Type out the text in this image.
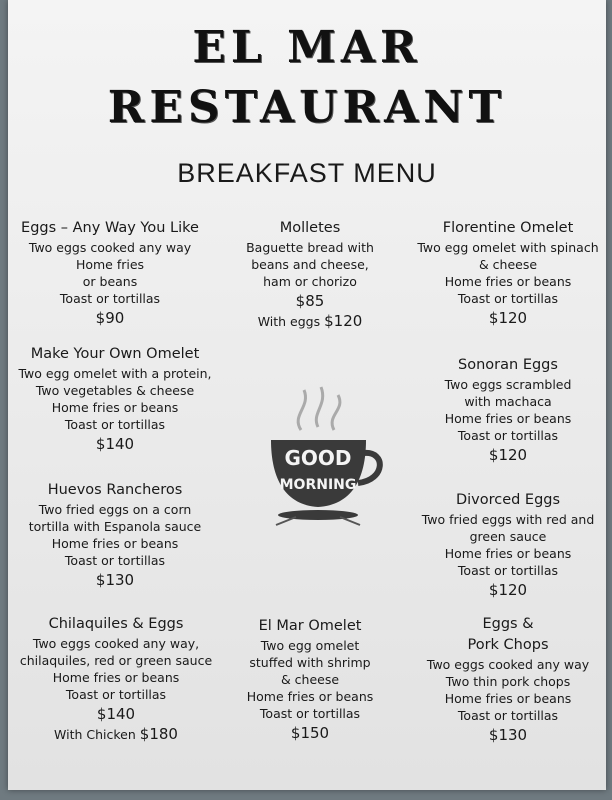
EL MAR
RESTAURANT
BREAKFAST MENU
Eggs – Any Way You Like
Two eggs cooked any way
Home fries
or beans
Toast or tortillas
$90
Molletes
Baguette bread with
beans and cheese,
ham or chorizo
$85
With eggs $120
Florentine Omelet
Two egg omelet with spinach
& cheese
Home fries or beans
Toast or tortillas
$120
Make Your Own Omelet
Two egg omelet with a protein,
Two vegetables & cheese
Home fries or beans
Toast or tortillas
$140
Sonoran Eggs
Two eggs scrambled
with machaca
Home fries or beans
Toast or tortillas
$120
GOOD
MORNING
Huevos Rancheros
Two fried eggs on a corn
tortilla with Espanola sauce
Home fries or beans
Toast or tortillas
$130
Divorced Eggs
Two fried eggs with red and
green sauce
Home fries or beans
Toast or tortillas
$120
Chilaquiles & Eggs
Two eggs cooked any way,
chilaquiles, red or green sauce
Home fries or beans
Toast or tortillas
$140
With Chicken $180
El Mar Omelet
Two egg omelet
stuffed with shrimp
& cheese
Home fries or beans
Toast or tortillas
$150
Eggs &
Pork Chops
Two eggs cooked any way
Two thin pork chops
Home fries or beans
Toast or tortillas
$130
